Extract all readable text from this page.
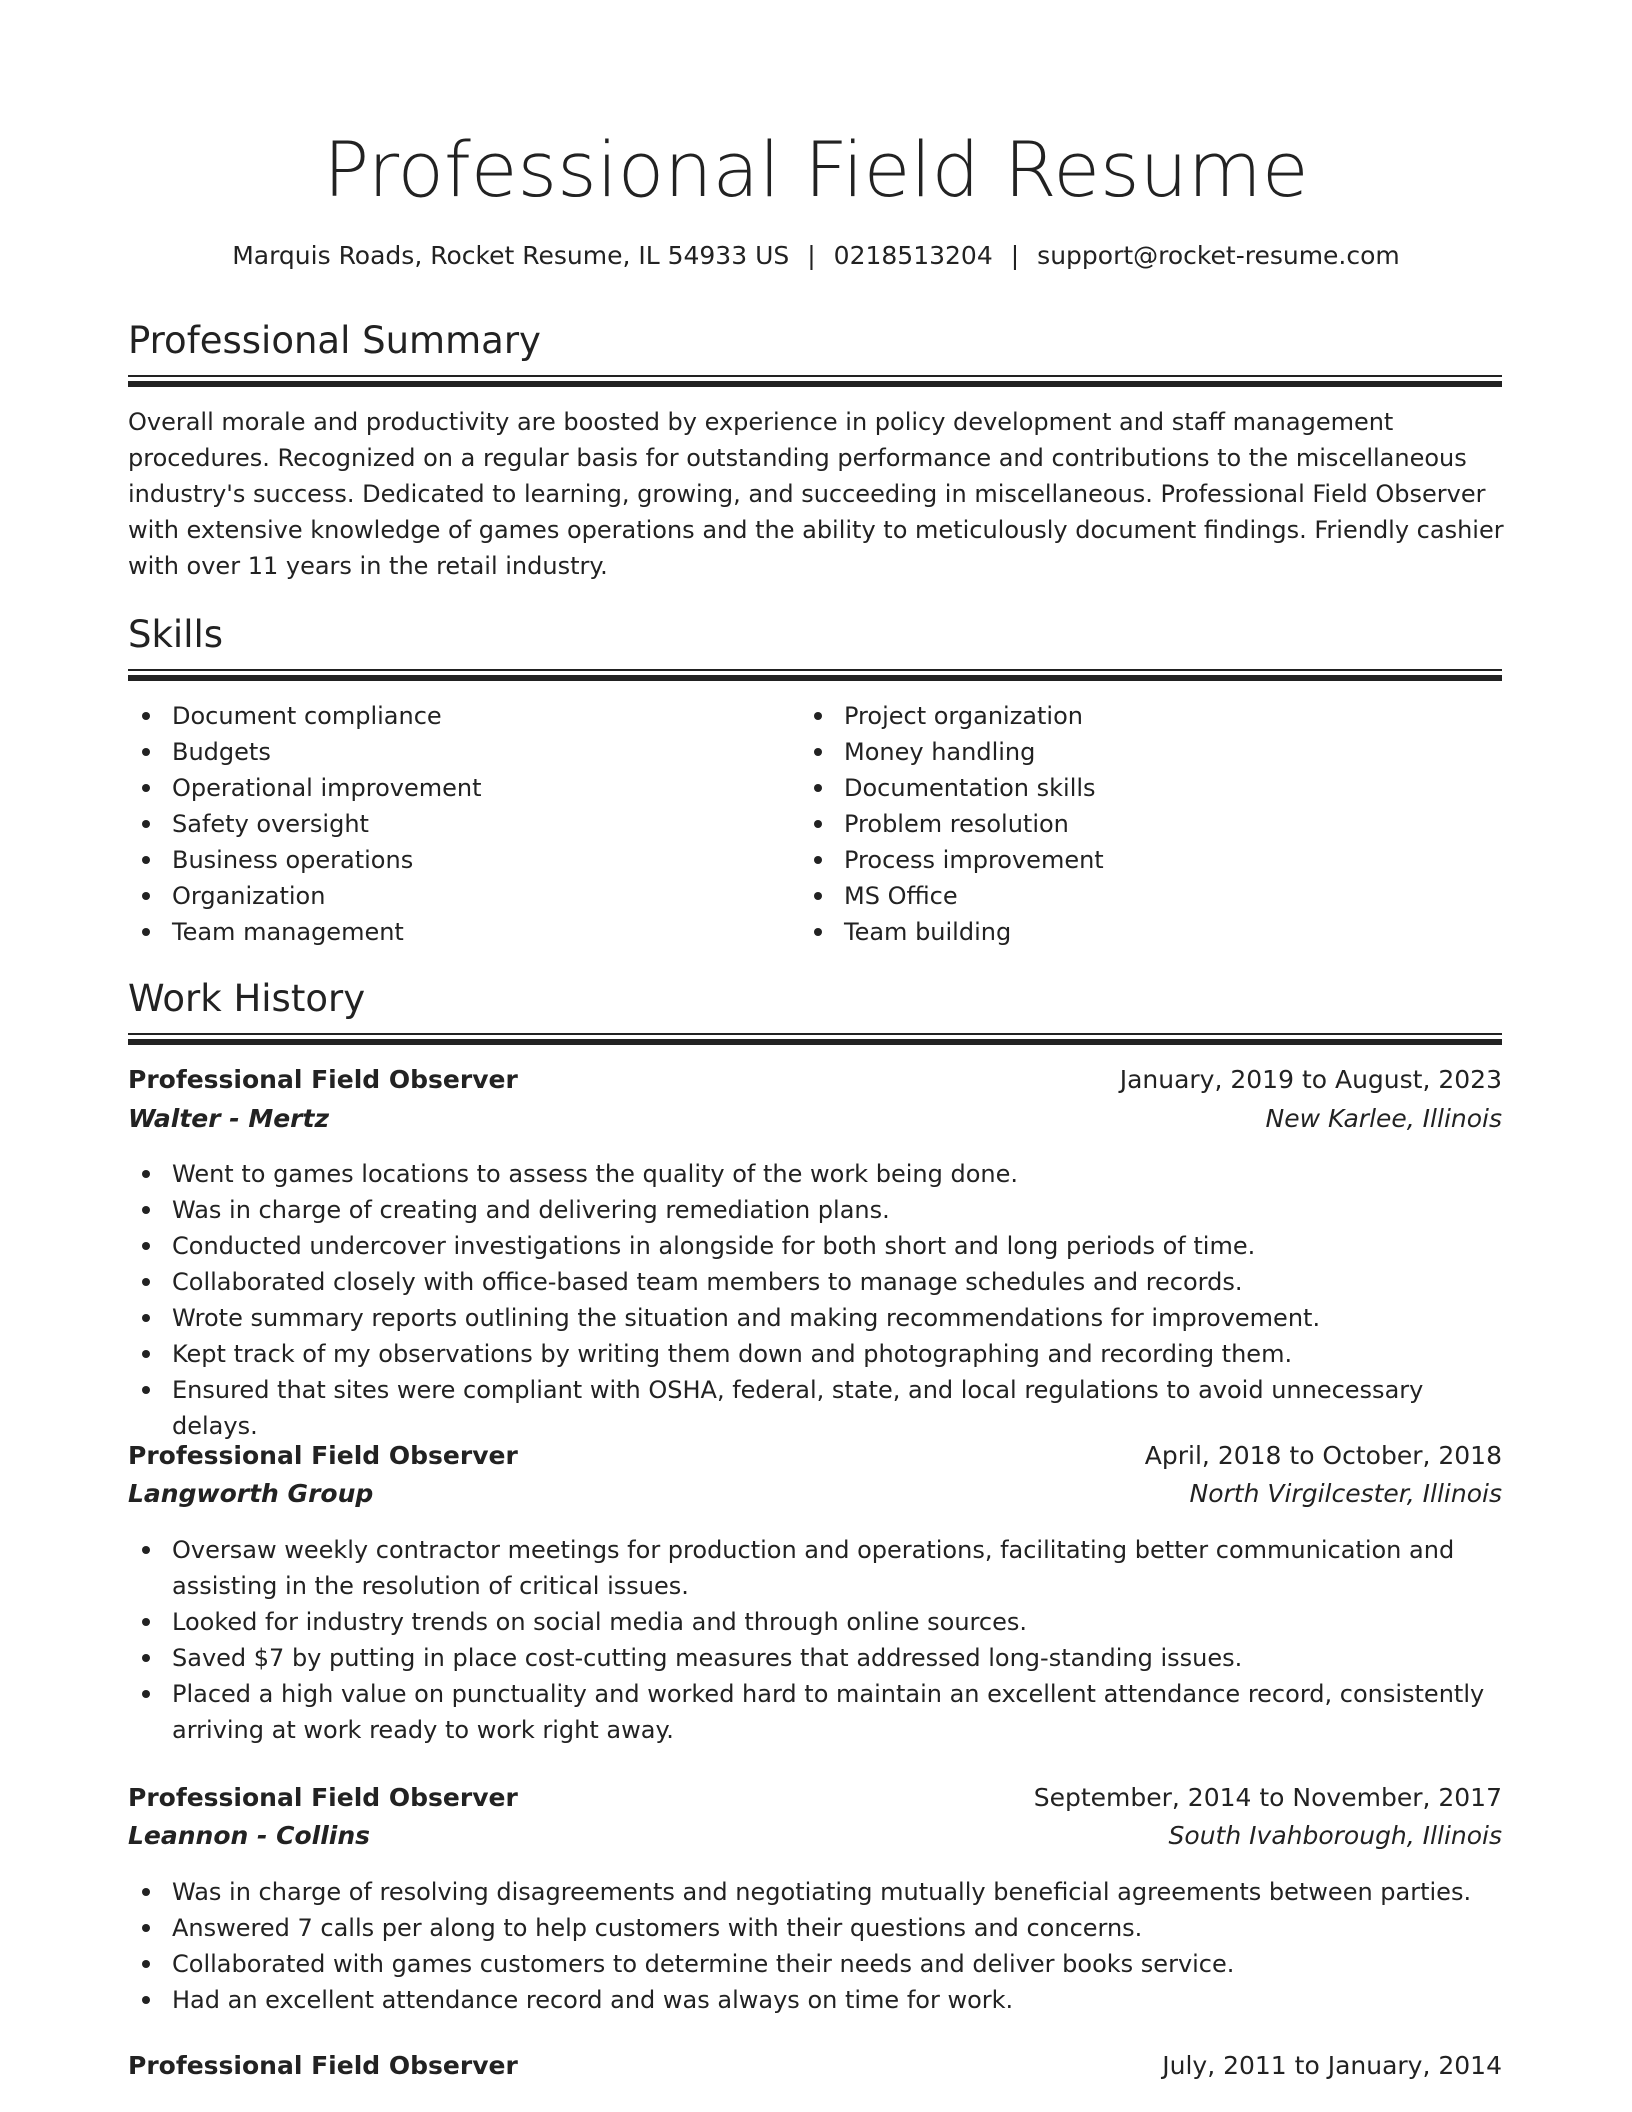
Professional Field Resume
Marquis Roads, Rocket Resume, IL 54933 US | 0218513204 | support@rocket-resume.com
Professional Summary

Overall morale and productivity are boosted by experience in policy development and staff management procedures. Recognized on a regular basis for outstanding performance and contributions to the miscellaneous industry's success. Dedicated to learning, growing, and succeeding in miscellaneous. Professional Field Observer with extensive knowledge of games operations and the ability to meticulously document findings. Friendly cashier with over 11 years in the retail industry.

Skills
Document compliance
Budgets
Operational improvement
Safety oversight
Business operations
Organization
Team management
Project organization
Money handling
Documentation skills
Problem resolution
Process improvement
MS Office
Team building
Work History
Professional Field Observer	January, 2019 to August, 2023
Walter - Mertz	New Karlee, Illinois
Went to games locations to assess the quality of the work being done.
Was in charge of creating and delivering remediation plans.
Conducted undercover investigations in alongside for both short and long periods of time.
Collaborated closely with office-based team members to manage schedules and records.
Wrote summary reports outlining the situation and making recommendations for improvement.
Kept track of my observations by writing them down and photographing and recording them.
Ensured that sites were compliant with OSHA, federal, state, and local regulations to avoid unnecessary delays.
Professional Field Observer	April, 2018 to October, 2018
Langworth Group	North Virgilcester, Illinois
Oversaw weekly contractor meetings for production and operations, facilitating better communication and assisting in the resolution of critical issues.
Looked for industry trends on social media and through online sources.
Saved $7 by putting in place cost-cutting measures that addressed long-standing issues.
Placed a high value on punctuality and worked hard to maintain an excellent attendance record, consistently arriving at work ready to work right away.
Professional Field Observer	September, 2014 to November, 2017
Leannon - Collins	South Ivahborough, Illinois
Was in charge of resolving disagreements and negotiating mutually beneficial agreements between parties.
Answered 7 calls per along to help customers with their questions and concerns.
Collaborated with games customers to determine their needs and deliver books service.
Had an excellent attendance record and was always on time for work.
Professional Field Observer	July, 2011 to January, 2014
